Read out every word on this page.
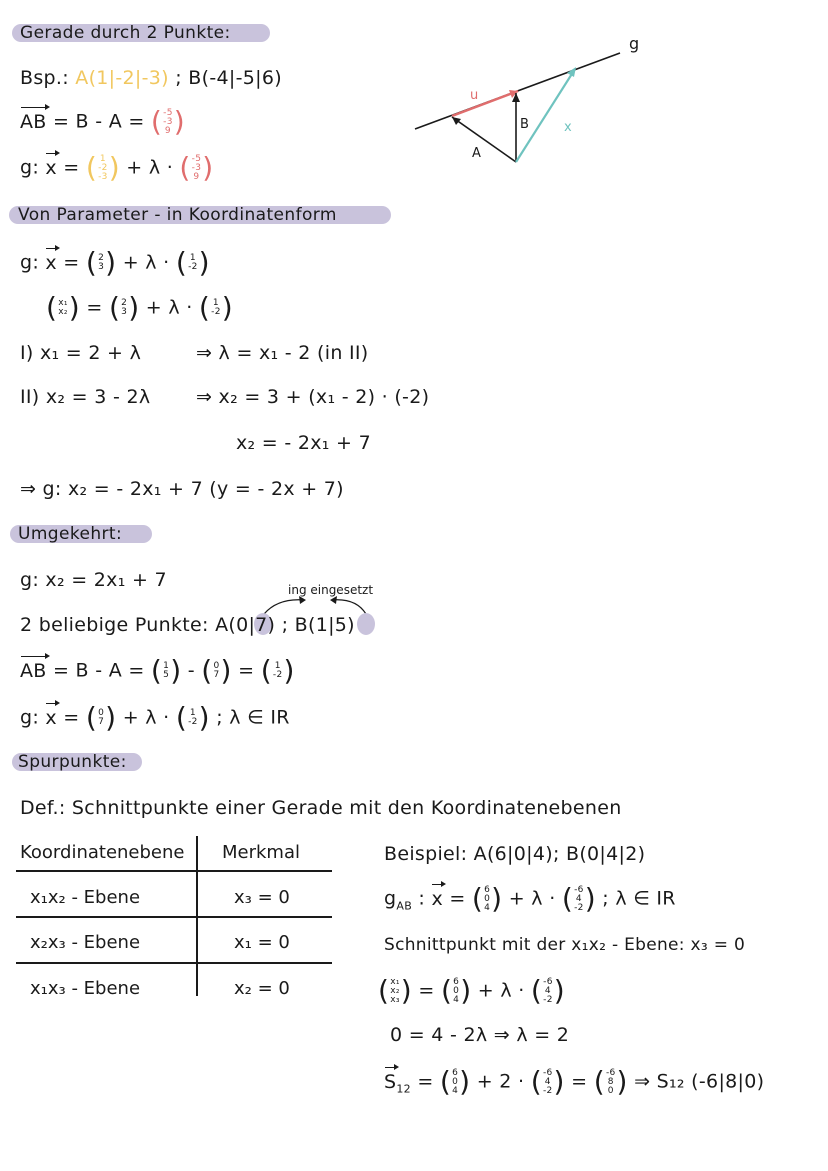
Gerade durch 2 Punkte:
Bsp.: A(1|-2|-3) ; B(-4|-5|6)
AB = B - A = ( -5
-3
9 )
g: x = ( 1
-2
-3 ) + λ · ( -5
-3
9 )
g
u
A
B	x
Von Parameter - in Koordinatenform
g: x = ( 2
3 ) + λ · ( 1
-2 )
( x₁
x₂ ) = ( 2
3 ) + λ · ( 1
-2 )
I) x₁ = 2 + λ	⇒ λ = x₁ - 2 (in II)
II) x₂ = 3 - 2λ ⇒ x₂ = 3 + (x₁ - 2) · (-2)
x₂ = - 2x₁ + 7
⇒ g: x₂ = - 2x₁ + 7 (y = - 2x + 7)
Umgekehrt:
g: x₂ = 2x₁ + 7	ing eingesetzt
2 beliebige Punkte: A(0|7) ; B(1|5)
AB = B - A = ( 1
5 ) - ( 0
7 ) = ( 1
-2 )
g: x = ( 0
7 ) + λ · ( 1
-2 ) ; λ ∈ IR
Spurpunkte:
Def.: Schnittpunkte einer Gerade mit den Koordinatenebenen
Koordinatenebene Merkmal
x₁x₂ - Ebene	x₃ = 0
x₂x₃ - Ebene	x₁ = 0
x₁x₃ - Ebene	x₂ = 0
Beispiel: A(6|0|4); B(0|4|2)
$g_{AB}$ : x = ( 6
0
4 ) + λ · ( -6
4
-2 ) ; λ ∈ IR
Schnittpunkt mit der x₁x₂ - Ebene: x₃ = 0
( x₁
x₂
x₃ ) = ( 6
0
4 ) + λ · ( -6
4
-2 )
0 = 4 - 2λ ⇒ λ = 2
$S_{12}$ = ( 6
0
4 ) + 2 · ( -6
4
-2 ) = ( -6
8
0 ) ⇒ S₁₂ (-6|8|0)
